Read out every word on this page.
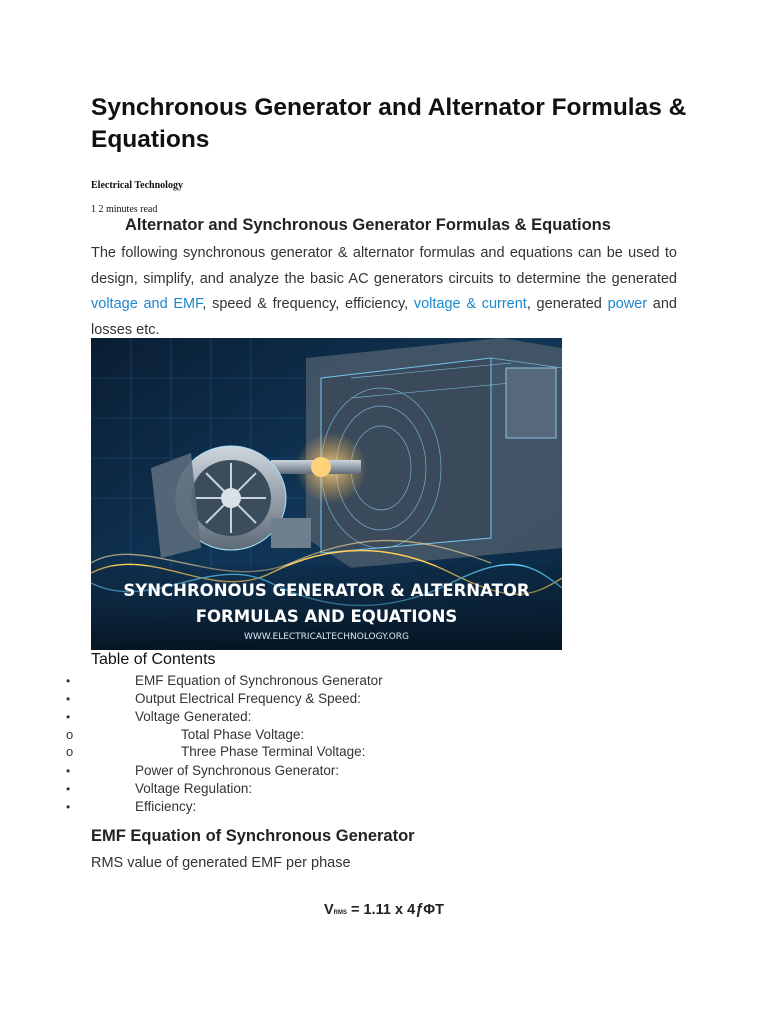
Synchronous Generator and Alternator Formulas & Equations
Electrical Technology
1 2 minutes read
Alternator and Synchronous Generator Formulas & Equations
The following synchronous generator & alternator formulas and equations can be used to design, simplify, and analyze the basic AC generators circuits to determine the generated voltage and EMF, speed & frequency, efficiency, voltage & current, generated power and losses etc.
SYNCHRONOUS GENERATOR & ALTERNATOR
FORMULAS AND EQUATIONS
WWW.ELECTRICALTECHNOLOGY.ORG
Table of Contents
•	EMF Equation of Synchronous Generator
•	Output Electrical Frequency & Speed:
•	Voltage Generated:
o	Total Phase Voltage:
o	Three Phase Terminal Voltage:
•	Power of Synchronous Generator:
•	Voltage Regulation:
•	Efficiency:
EMF Equation of Synchronous Generator
RMS value of generated EMF per phase
VRMS = 1.11 x 4ƒΦT
